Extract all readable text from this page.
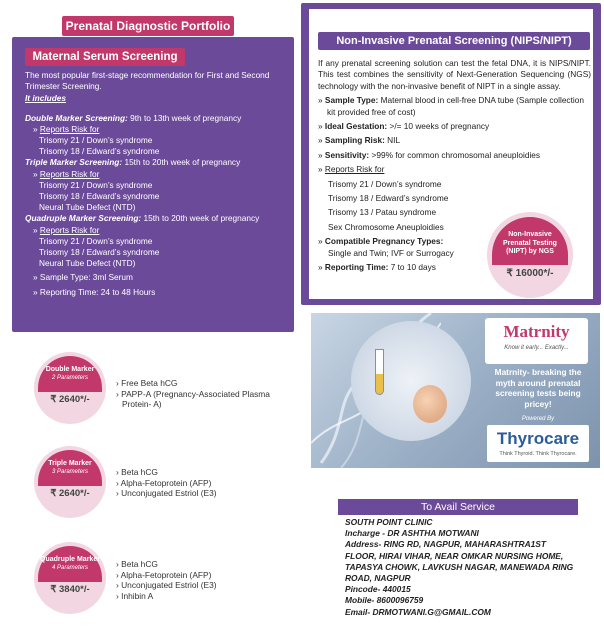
Prenatal Diagnostic Portfolio
Maternal Serum Screening
The most popular first-stage recommendation for First and Second Trimester Screening.
It includes
Double Marker Screening: 9th to 13th week of pregnancy
» Reports Risk for
Trisomy 21 / Down’s syndrome
Trisomy 18 / Edward’s syndrome
Triple Marker Screening: 15th to 20th week of pregnancy
» Reports Risk for
Trisomy 21 / Down’s syndrome
Trisomy 18 / Edward’s syndrome
Neural Tube Defect (NTD)
Quadruple Marker Screening: 15th to 20th week of pregnancy
» Reports Risk for
Trisomy 21 / Down’s syndrome
Trisomy 18 / Edward’s syndrome
Neural Tube Defect (NTD)
» Sample Type: 3ml Serum
» Reporting Time: 24 to 48 Hours
Double Marker
2 Parameters
₹ 2640*/-
› Free Beta hCG
› PAPP-A (Pregnancy-Associated Plasma Protein- A)
Triple Marker
3 Parameters
₹ 2640*/-
› Beta hCG
› Alpha-Fetoprotein (AFP)
› Unconjugated Estriol (E3)
Quadruple Marker
4 Parameters
₹ 3840*/-
› Beta hCG
› Alpha-Fetoprotein (AFP)
› Unconjugated Estriol (E3)
› Inhibin A
Non-Invasive Prenatal Screening (NIPS/NIPT)
If any prenatal screening solution can test the fetal DNA, it is NIPS/NIPT. This test combines the sensitivity of Next-Generation Sequencing (NGS) technology with the non-invasive benefit of NIPT in a single assay.
» Sample Type: Maternal blood in cell-free DNA tube (Sample collection kit provided free of cost)
» Ideal Gestation: >/= 10 weeks of pregnancy
» Sampling Risk: NIL
» Sensitivity: >99% for common chromosomal aneuploidies
» Reports Risk for
Trisomy 21 / Down’s syndrome
Trisomy 18 / Edward’s syndrome
Trisomy 13 / Patau syndrome
Sex Chromosome Aneuploidies
» Compatible Pregnancy Types:
Single and Twin; IVF or Surrogacy
» Reporting Time: 7 to 10 days
Non-Invasive
Prenatal Testing
(NIPT) by NGS
₹ 16000*/-
Matrnity
Know it early... Exactly...
Matrnity- breaking the myth around prenatal screening tests being pricey!
Powered By
Thyrocare
Think Thyroid. Think Thyrocare.
To Avail Service
SOUTH POINT CLINIC
Incharge - DR ASHTHA MOTWANI
Address- RING RD, NAGPUR, MAHARASHTRA1ST FLOOR, HIRAI VIHAR, NEAR OMKAR NURSING HOME, TAPASYA CHOWK, LAVKUSH NAGAR, MANEWADA RING ROAD, NAGPUR
Pincode- 440015
Mobile- 8600096759
Email- DRMOTWANI.G@GMAIL.COM
